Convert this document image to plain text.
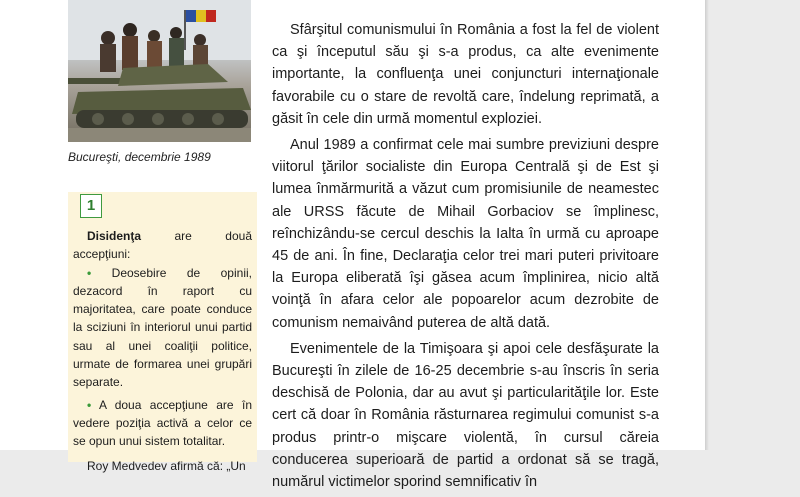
Bucureşti, decembrie 1989
1

Disidenţa are două accepţiuni:

• Deosebire de opinii, dezacord în raport cu majoritatea, care poate conduce la sciziuni în interiorul unui partid sau al unei coaliţii politice, urmate de formarea unei grupări separate.

• A doua accepţiune are în vedere poziţia activă a celor ce se opun unui sistem totalitar.

Roy Medvedev afirmă că: „Un

Sfârşitul comunismului în România a fost la fel de violent ca şi începutul său şi s-a produs, ca alte evenimente importante, la confluenţa unei conjuncturi internaţionale favorabile cu o stare de revoltă care, îndelung reprimată, a găsit în cele din urmă momentul exploziei.

Anul 1989 a confirmat cele mai sumbre previziuni despre viitorul ţărilor socialiste din Europa Centrală şi de Est şi lumea înmărmurită a văzut cum promisiunile de neamestec ale URSS făcute de Mihail Gorbaciov se împlinesc, reînchizându-se cercul deschis la Ialta în urmă cu aproape 45 de ani. În fine, Declaraţia celor trei mari puteri privitoare la Europa eliberată îşi găsea acum împlinirea, nicio altă voinţă în afara celor ale popoarelor acum dezrobite de comunism nemaivând puterea de altă dată.

Evenimentele de la Timişoara şi apoi cele desfăşurate la Bucureşti în zilele de 16-25 decembrie s-au înscris în seria deschisă de Polonia, dar au avut şi particularităţile lor. Este cert că doar în România răsturnarea regimului comunist s-a produs printr-o mişcare violentă, în cursul căreia conducerea superioară de partid a ordonat să se tragă, numărul victimelor sporind semnificativ în
